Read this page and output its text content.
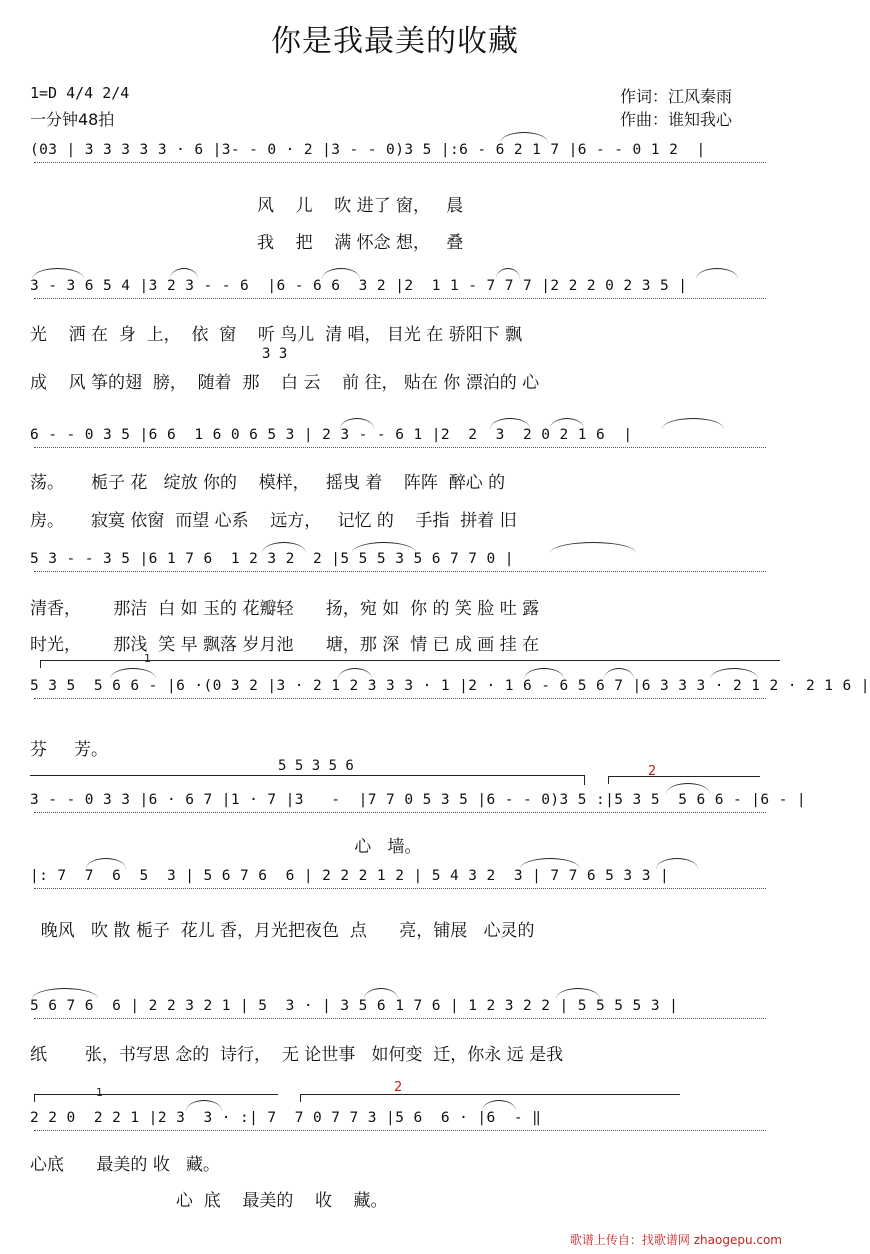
你是我最美的收藏
1=D 4/4 2/4
一分钟48拍
作词：江风秦雨
作曲：谁知我心
(03 | 3 3 3 3 3 · 6 |3- - 0 · 2 |3 - - 0)3 5 |:6 - 6 2 1 7 |6 - - 0 1 2  |
风    儿    吹 进了 窗，   晨
我    把    满 怀念 想，   叠
3 - 3 6 5 4 |3 2 3 - - 6  |6 - 6 6  3 2 |2  1 1 - 7 7 7 |2 2 2 0 2 3 5 |
光    洒 在  身  上，  依  窗    听 鸟儿  清 唱， 目光 在 骄阳下 飘
3 3
成    风 筝的翅  膀，  随着  那    白 云    前 往， 贴在 你 漂泊的 心
6 - - 0 3 5 |6 6  1 6 0 6 5 3 | 2 3 - - 6 1 |2  2  3  2 0 2 1 6  |
荡。     栀子 花   绽放 你的    模样，   摇曳 着    阵阵  醉心 的
房。     寂寞 依窗  而望 心系    远方，   记忆 的    手指  拼着 旧
5 3 - - 3 5 |6 1 7 6  1 2 3 2  2 |5 5 5 3 5 6 7 7 0 |
清香，      那洁  白 如 玉的 花瓣轻      扬，宛 如  你 的 笑 脸 吐 露
时光，      那浅  笑 早 飘落 岁月池      塘，那 深  情 已 成 画 挂 在
1
5 3 5  5 6 6 - |6 ·(0 3 2 |3 · 2 1 2 3 3 3 · 1 |2 · 1 6 - 6 5 6 7 |6 3 3 3 · 2 1 2 · 2 1 6 |
芬     芳。
5 5 3 5 6	2
3 - - 0 3 3 |6 · 6 7 |1 · 7 |3   -  |7 7 0 5 3 5 |6 - - 0)3 5 :|5 3 5  5 6 6 - |6 - |
心   墙。
|: 7  7  6  5  3 | 5 6 7 6  6 | 2 2 2 1 2 | 5 4 3 2  3 | 7 7 6 5 3 3 |
晚风   吹 散 栀子  花儿 香，月光把夜色  点      亮，铺展   心灵的
5 6 7 6  6 | 2 2 3 2 1 | 5  3 · | 3 5 6 1 7 6 | 1 2 3 2 2 | 5 5 5 5 3 |
纸       张，书写思 念的  诗行，  无 论世事   如何变  迁，你永 远 是我
1	2
2 2 0  2 2 1 |2 3  3 · :| 7  7 0 7 7 3 |5 6  6 · |6  - ‖
心底      最美的 收   藏。
心  底    最美的    收    藏。
歌谱上传自：找歌谱网 zhaogepu.com
